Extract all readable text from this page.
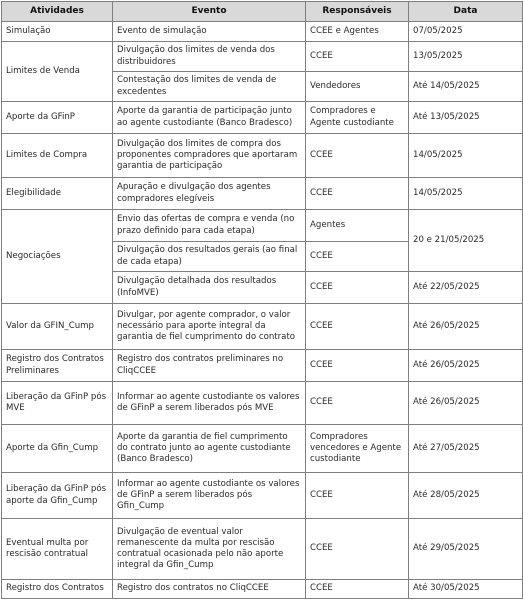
Atividades	Evento	Responsáveis	Data
Simulação	Evento de simulação	CCEE e Agentes	07/05/2025
Limites de Venda	Divulgação dos limites de venda dos distribuidores	CCEE	13/05/2025
	Contestação dos limites de venda de excedentes	Vendedores	Até 14/05/2025
Aporte da GFinP	Aporte da garantia de participação junto ao agente custodiante (Banco Bradesco)	Compradores e Agente custodiante	Até 13/05/2025
Limites de Compra	Divulgação dos limites de compra dos proponentes compradores que aportaram garantia de participação	CCEE	14/05/2025
Elegibilidade	Apuração e divulgação dos agentes compradores elegíveis	CCEE	14/05/2025
Negociações	Envio das ofertas de compra e venda (no prazo definido para cada etapa)	Agentes	20 e 21/05/2025
	Divulgação dos resultados gerais (ao final de cada etapa)	CCEE	
	Divulgação detalhada dos resultados (InfoMVE)	CCEE	Até 22/05/2025
Valor da GFIN_Cump	Divulgar, por agente comprador, o valor necessário para aporte integral da garantia de fiel cumprimento do contrato	CCEE	Até 26/05/2025
Registro dos Contratos Preliminares	Registro dos contratos preliminares no CliqCCEE	CCEE	Até 26/05/2025
Liberação da GFinP pós MVE	Informar ao agente custodiante os valores de GFinP a serem liberados pós MVE	CCEE	Até 26/05/2025
Aporte da Gfin_Cump	Aporte da garantia de fiel cumprimento do contrato junto ao agente custodiante (Banco Bradesco)	Compradores vencedores e Agente custodiante	Até 27/05/2025
Liberação da GFinP pós aporte da Gfin_Cump	Informar ao agente custodiante os valores de GFinP a serem liberados pós Gfin_Cump	CCEE	Até 28/05/2025
Eventual multa por rescisão contratual	Divulgação de eventual valor remanescente da multa por rescisão contratual ocasionada pelo não aporte integral da Gfin_Cump	CCEE	Até 29/05/2025
Registro dos Contratos	Registro dos contratos no CliqCCEE	CCEE	Até 30/05/2025
